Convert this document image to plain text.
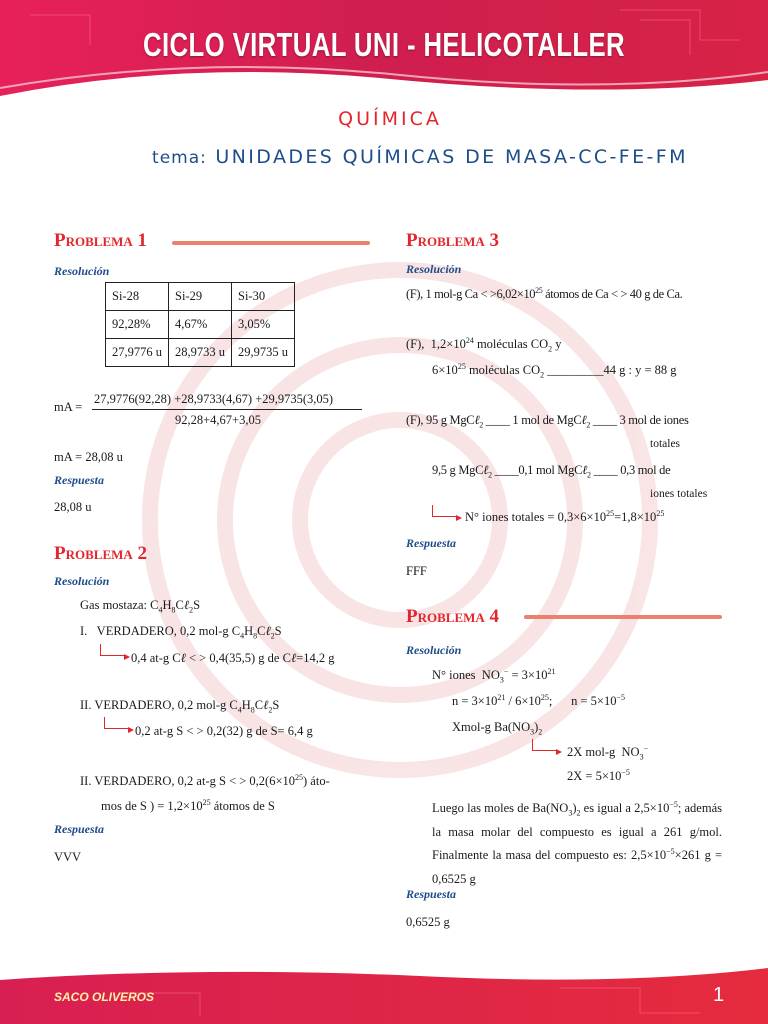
CICLO VIRTUAL UNI - HELICOTALLER
QUÍMICA
tema: UNIDADES QUÍMICAS DE MASA-CC-FE-FM
Problema 1
Resolución
Si-28	Si-29	Si-30
92,28%	4,67%	3,05%
27,9776 u	28,9733 u	29,9735 u
mA =
27,9776(92,28) +28,9733(4,67) +29,9735(3,05)
92,28+4,67+3,05
mA = 28,08 u
Respuesta
28,08 u
Problema 2
Resolución
Gas mostaza: $C_4H_8C\ell_2S$
I.   VERDADERO, 0,2 mol-g $C_4H_8C\ell_2S$
0,4 at-g Cℓ < > 0,4(35,5) g de Cℓ=14,2 g
II. VERDADERO, 0,2 mol-g $C_4H_8C\ell_2S$
0,2 at-g S < > 0,2(32) g de S= 6,4 g
II. VERDADERO, 0,2 at-g S < > $0,2(6\times 10^{25})$ áto-
mos de S ) = $1,2\times 10^{25}$ átomos de S
Respuesta
VVV
Problema 3
Resolución
(F), 1 mol-g $Ca < >6,02\times 10^{25}$ átomos de Ca < > 40 g de Ca.
(F),  $1,2\times 10^{24}$ moléculas $CO_2$ y
$6\times 10^{25}$ moléculas $CO_2$ _________44 g : y = 88 g
(F), 95 g MgCℓ$_2$ ____ 1 mol de MgCℓ$_2$ ____ 3 mol de iones
totales
9,5 g MgCℓ$_2$ ____0,1 mol MgCℓ$_2$ ____ 0,3 mol de
iones totales
N° iones totales = $0,3\times 6\times 10^{25}=1,8\times 10^{25}$
Respuesta
FFF
Problema 4
Resolución
N° iones  $NO_3^- = 3\times 10^{21}$
$n = 3\times 10^{21} / 6\times 10^{25}$;      $n = 5\times 10^{-5}$
Xmol-g $Ba(NO_3)_2$
2X mol-g  $NO_3^-$
$2X = 5\times 10^{-5}$
Luego las moles de $Ba(NO_3)_2$ es igual a $2,5\times 10^{-5}$; además la masa molar del compuesto es igual a 261 g/mol. Finalmente la masa del compuesto es: $2,5\times 10^{-5}\times 261$ g = 0,6525 g
Respuesta
0,6525 g
SACO OLIVEROS	1
